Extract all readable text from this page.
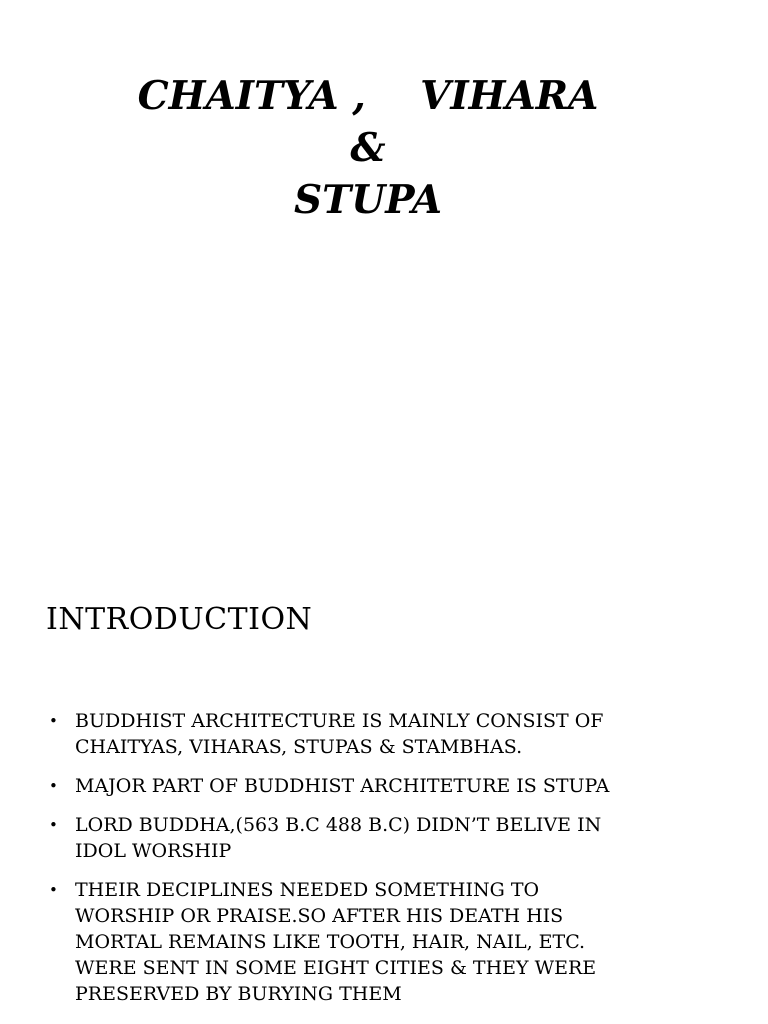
CHAITYA ,    VIHARA
&
STUPA
INTRODUCTION
• BUDDHIST ARCHITECTURE IS MAINLY CONSIST OF CHAITYAS, VIHARAS, STUPAS & STAMBHAS.
• MAJOR PART OF BUDDHIST ARCHITETURE IS STUPA
• LORD BUDDHA,(563 B.C 488 B.C) DIDN’T BELIVE IN IDOL WORSHIP
• THEIR DECIPLINES NEEDED SOMETHING TO WORSHIP OR PRAISE.SO AFTER HIS DEATH HIS MORTAL REMAINS LIKE TOOTH, HAIR, NAIL, ETC. WERE SENT IN SOME EIGHT CITIES & THEY WERE PRESERVED BY BURYING THEM
